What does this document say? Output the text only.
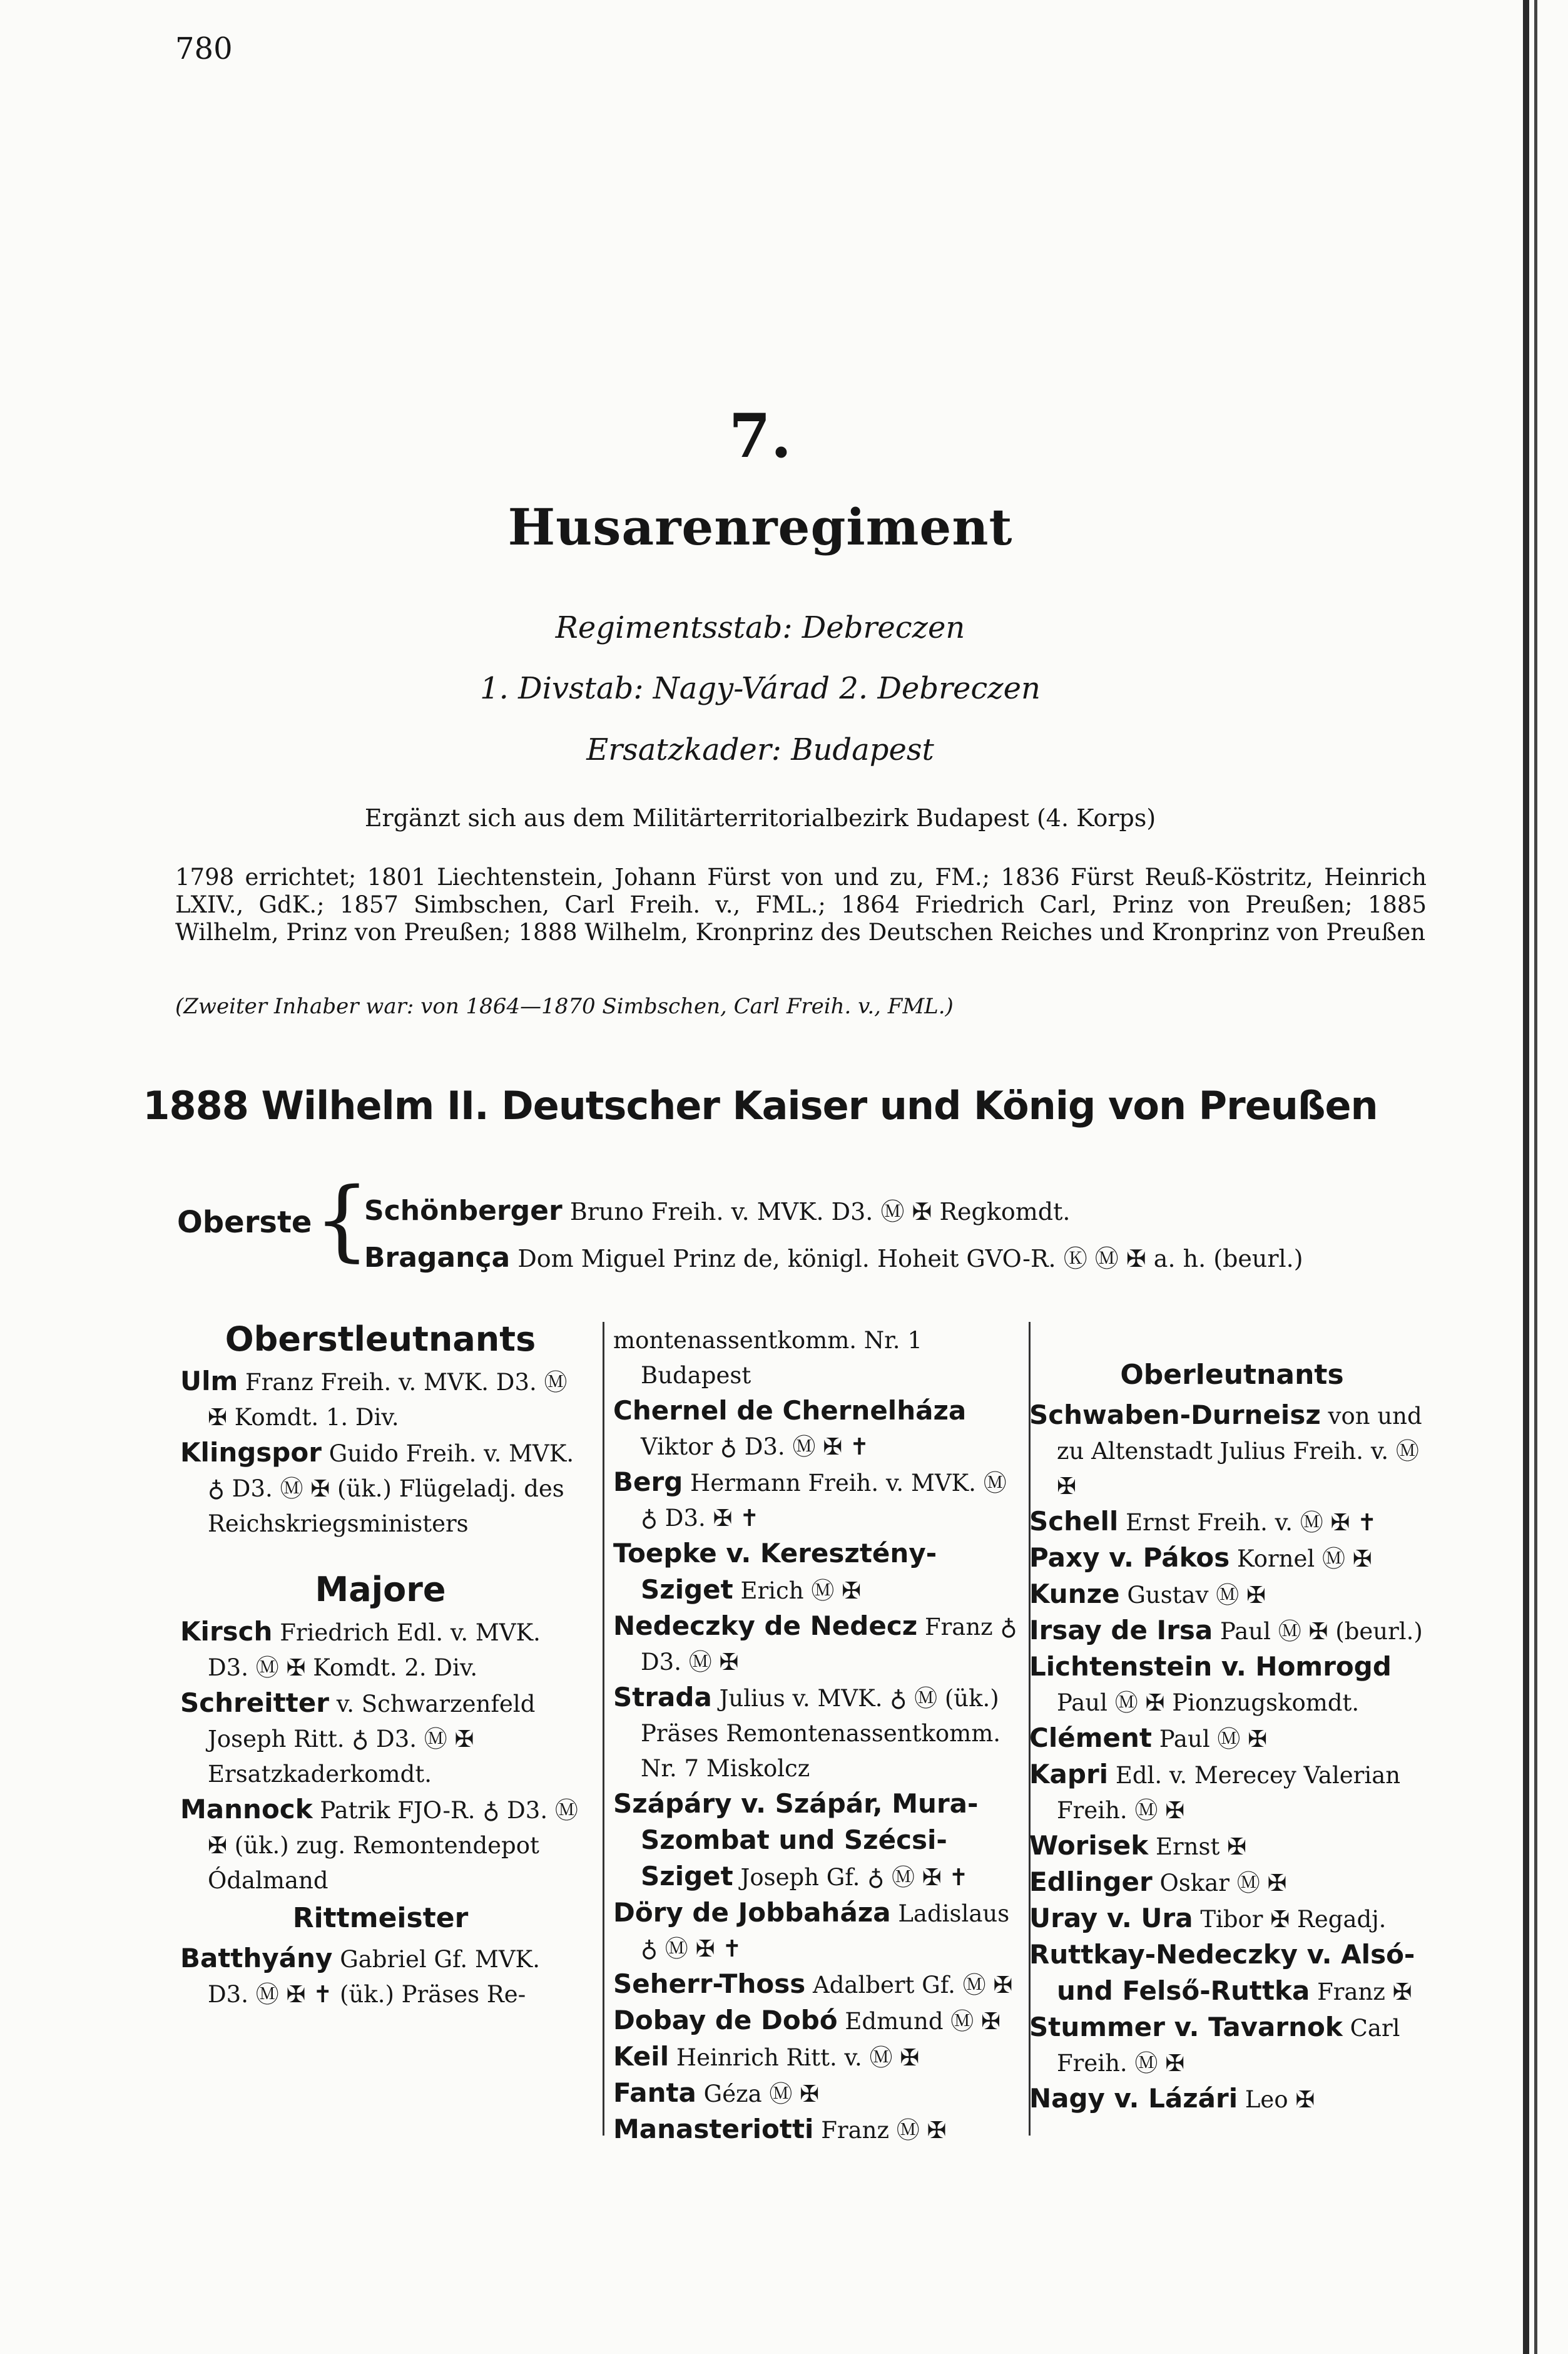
780
7.
Husarenregiment
Regimentsstab: Debreczen
1. Divstab: Nagy-Várad 2. Debreczen
Ersatzkader: Budapest
Ergänzt sich aus dem Militärterritorialbezirk Budapest (4. Korps)
1798 errichtet; 1801 Liechtenstein, Johann Fürst von und zu, FM.; 1836 Fürst Reuß-Köstritz, Heinrich LXIV., GdK.; 1857 Simbschen, Carl Freih. v., FML.; 1864 Friedrich Carl, Prinz von Preußen; 1885 Wilhelm, Prinz von Preußen; 1888 Wilhelm, Kronprinz des Deutschen Reiches und Kronprinz von Preußen
(Zweiter Inhaber war: von 1864—1870 Simbschen, Carl Freih. v., FML.)
1888 Wilhelm II. Deutscher Kaiser und König von Preußen
Oberste {
Schönberger Bruno Freih. v. MVK. D3. Ⓜ ✠ Regkomdt.
Bragança Dom Miguel Prinz de, königl. Hoheit GVO-R. Ⓚ Ⓜ ✠ a. h. (beurl.)
Oberstleutnants

Ulm Franz Freih. v. MVK. D3. Ⓜ ✠ Komdt. 1. Div.

Klingspor Guido Freih. v. MVK. ♁ D3. Ⓜ ✠ (ük.) Flügeladj. des Reichskriegsministers

Majore

Kirsch Friedrich Edl. v. MVK. D3. Ⓜ ✠ Komdt. 2. Div.

Schreitter v. Schwarzenfeld Joseph Ritt. ♁ D3. Ⓜ ✠ Ersatzkaderkomdt.

Mannock Patrik FJO-R. ♁ D3. Ⓜ ✠ (ük.) zug. Remontendepot Ódalmand

Rittmeister

Batthyány Gabriel Gf. MVK. D3. Ⓜ ✠ ✝ (ük.) Präses Re-

montenassentkomm. Nr. 1 Budapest

Chernel de Chernelháza Viktor ♁ D3. Ⓜ ✠ ✝

Berg Hermann Freih. v. MVK. Ⓜ ♁ D3. ✠ ✝

Toepke v. Keresztény-Sziget Erich Ⓜ ✠

Nedeczky de Nedecz Franz ♁ D3. Ⓜ ✠

Strada Julius v. MVK. ♁ Ⓜ (ük.) Präses Remontenassentkomm. Nr. 7 Miskolcz

Szápáry v. Szápár, Mura-Szombat und Szécsi-Sziget Joseph Gf. ♁ Ⓜ ✠ ✝

Döry de Jobbaháza Ladislaus ♁ Ⓜ ✠ ✝

Seherr-Thoss Adalbert Gf. Ⓜ ✠

Dobay de Dobó Edmund Ⓜ ✠

Keil Heinrich Ritt. v. Ⓜ ✠

Fanta Géza Ⓜ ✠

Manasteriotti Franz Ⓜ ✠

Oberleutnants

Schwaben-Durneisz von und zu Altenstadt Julius Freih. v. Ⓜ ✠

Schell Ernst Freih. v. Ⓜ ✠ ✝

Paxy v. Pákos Kornel Ⓜ ✠

Kunze Gustav Ⓜ ✠

Irsay de Irsa Paul Ⓜ ✠ (beurl.)

Lichtenstein v. Homrogd Paul Ⓜ ✠ Pionzugskomdt.

Clément Paul Ⓜ ✠

Kapri Edl. v. Merecey Valerian Freih. Ⓜ ✠

Worisek Ernst ✠

Edlinger Oskar Ⓜ ✠

Uray v. Ura Tibor ✠ Regadj.

Ruttkay-Nedeczky v. Alsó- und Felső-Ruttka Franz ✠

Stummer v. Tavarnok Carl Freih. Ⓜ ✠

Nagy v. Lázári Leo ✠
